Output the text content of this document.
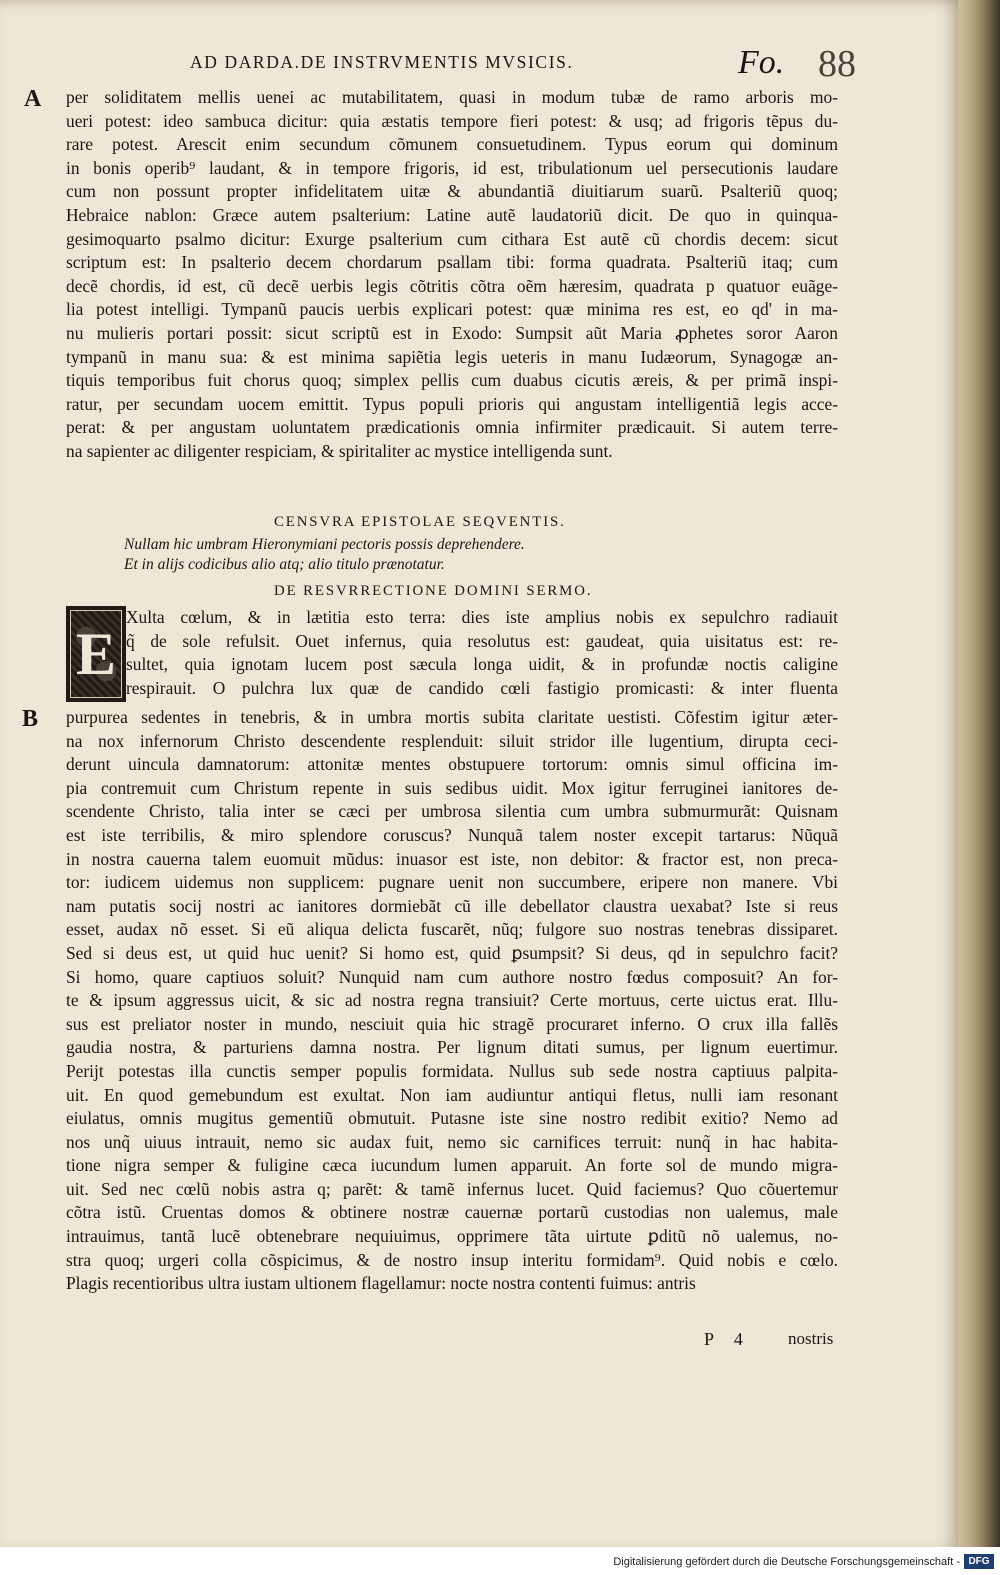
AD DARDA.DE INSTRVMENTIS MVSICIS.	Fo. 88
A
B
per soliditatem mellis uenei ac mutabilitatem, quasi in modum tubæ de ramo arboris mo-
ueri potest: ideo sambuca dicitur: quia æstatis tempore fieri potest: & usq; ad frigoris tẽpus du-
rare potest. Arescit enim secundum cõmunem consuetudinem. Typus eorum qui dominum
in bonis operib⁹ laudant, & in tempore frigoris, id est, tribulationum uel persecutionis laudare
cum non possunt propter infidelitatem uitæ & abundantiã diuitiarum suarũ. Psalteriũ quoq;
Hebraice nablon: Græce autem psalterium: Latine autẽ laudatoriũ dicit. De quo in quinqua-
gesimoquarto psalmo dicitur: Exurge psalterium cum cithara Est autẽ cũ chordis decem: sicut
scriptum est: In psalterio decem chordarum psallam tibi: forma quadrata. Psalteriũ itaq; cum
decẽ chordis, id est, cũ decẽ uerbis legis cõtritis cõtra oẽm hæresim, quadrata p quatuor euãge-
lia potest intelligi. Tympanũ paucis uerbis explicari potest: quæ minima res est, eo qd' in ma-
nu mulieris portari possit: sicut scriptũ est in Exodo: Sumpsit aũt Maria ꝓphetes soror Aaron
tympanũ in manu sua: & est minima sapiẽtia legis ueteris in manu Iudæorum, Synagogæ an-
tiquis temporibus fuit chorus quoq; simplex pellis cum duabus cicutis æreis, & per primã inspi-
ratur, per secundam uocem emittit. Typus populi prioris qui angustam intelligentiã legis acce-
perat: & per angustam uoluntatem prædicationis omnia infirmiter prædicauit. Si autem terre-
na sapienter ac diligenter respiciam, & spiritaliter ac mystice intelligenda sunt.
CENSVRA EPISTOLAE SEQVENTIS.
Nullam hic umbram Hieronymiani pectoris possis deprehendere.
Et in alijs codicibus alio atq; alio titulo prænotatur.
DE RESVRRECTIONE DOMINI SERMO.
E
Xulta cœlum, & in lætitia esto terra: dies iste amplius nobis ex sepulchro radiauit
q̃ de sole refulsit. Ouet infernus, quia resolutus est: gaudeat, quia uisitatus est: re-
sultet, quia ignotam lucem post sæcula longa uidit, & in profundæ noctis caligine
respirauit. O pulchra lux quæ de candido cœli fastigio promicasti: & inter fluenta
purpurea sedentes in tenebris, & in umbra mortis subita claritate uestisti. Cõfestim igitur æter-
na nox infernorum Christo descendente resplenduit: siluit stridor ille lugentium, dirupta ceci-
derunt uincula damnatorum: attonitæ mentes obstupuere tortorum: omnis simul officina im-
pia contremuit cum Christum repente in suis sedibus uidit. Mox igitur ferruginei ianitores de-
scendente Christo, talia inter se cæci per umbrosa silentia cum umbra submurmurãt: Quisnam
est iste terribilis, & miro splendore coruscus? Nunquã talem noster excepit tartarus: Nũquã
in nostra cauerna talem euomuit mũdus: inuasor est iste, non debitor: & fractor est, non preca-
tor: iudicem uidemus non supplicem: pugnare uenit non succumbere, eripere non manere. Vbi
nam putatis socij nostri ac ianitores dormiebãt cũ ille debellator claustra uexabat? Iste si reus
esset, audax nõ esset. Si eũ aliqua delicta fuscarẽt, nũq; fulgore suo nostras tenebras dissiparet.
Sed si deus est, ut quid huc uenit? Si homo est, quid ꝑsumpsit? Si deus, qd in sepulchro facit?
Si homo, quare captiuos soluit? Nunquid nam cum authore nostro fœdus composuit? An for-
te & ipsum aggressus uicit, & sic ad nostra regna transiuit? Certe mortuus, certe uictus erat. Illu-
sus est preliator noster in mundo, nesciuit quia hic stragẽ procuraret inferno. O crux illa fallẽs
gaudia nostra, & parturiens damna nostra. Per lignum ditati sumus, per lignum euertimur.
Perijt potestas illa cunctis semper populis formidata. Nullus sub sede nostra captiuus palpita-
uit. En quod gemebundum est exultat. Non iam audiuntur antiqui fletus, nulli iam resonant
eiulatus, omnis mugitus gementiũ obmutuit. Putasne iste sine nostro redibit exitio? Nemo ad
nos unq̃ uiuus intrauit, nemo sic audax fuit, nemo sic carnifices terruit: nunq̃ in hac habita-
tione nigra semper & fuligine cæca iucundum lumen apparuit. An forte sol de mundo migra-
uit. Sed nec cœlũ nobis astra q; parẽt: & tamẽ infernus lucet. Quid faciemus? Quo cõuertemur
cõtra istũ. Cruentas domos & obtinere nostræ cauernæ portarũ custodias non ualemus, male
intrauimus, tantã lucẽ obtenebrare nequiuimus, opprimere tãta uirtute ꝑditũ nõ ualemus, no-
stra quoq; urgeri colla cõspicimus, & de nostro insup interitu formidam⁹. Quid nobis e cœlo.
Plagis recentioribus ultra iustam ultionem flagellamur: nocte nostra contenti fuimus: antris
P 4 nostris
Digitalisierung gefördert durch die Deutsche Forschungsgemeinschaft - DFG
